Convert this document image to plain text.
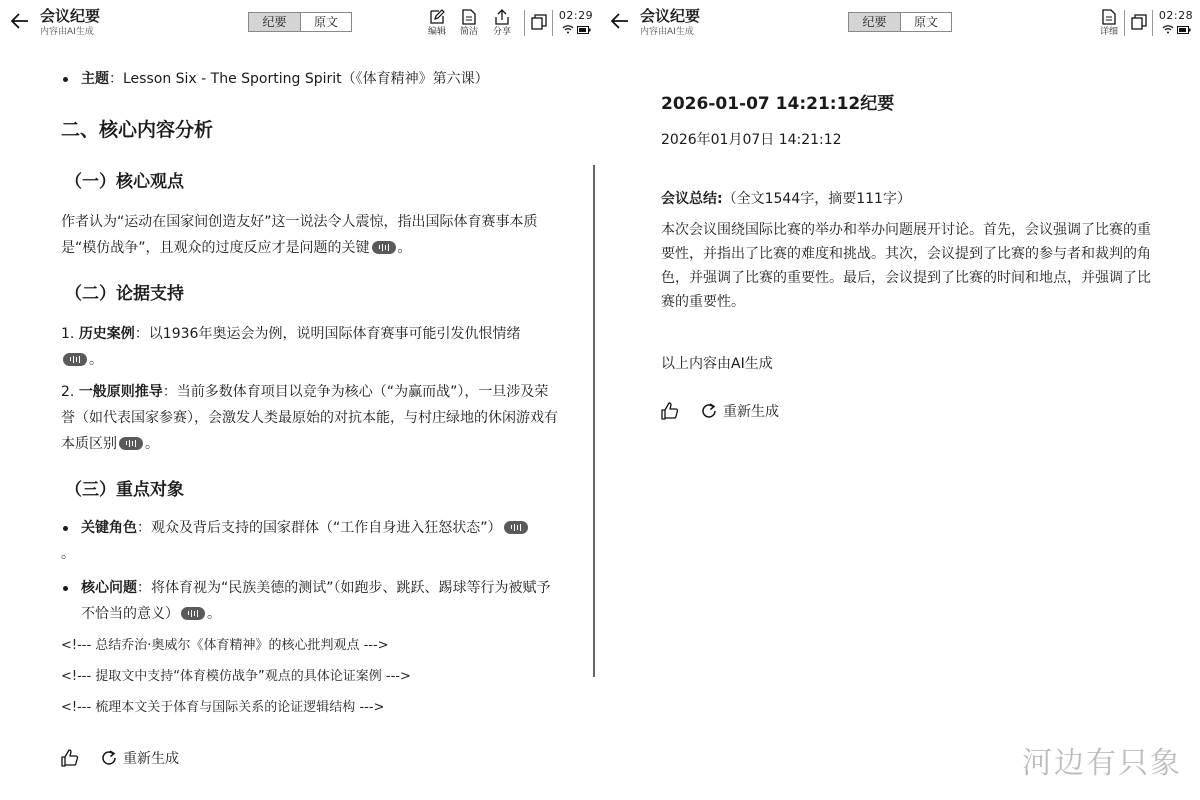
会议纪要
内容由AI生成
纪要	原文
编辑	简洁	分享
02:29
主题：Lesson Six - The Sporting Spirit（《体育精神》第六课）
二、核心内容分析
（一）核心观点
作者认为“运动在国家间创造友好”这一说法令人震惊，指出国际体育赛事本质是“模仿战争”，且观众的过度反应才是问题的关键 。
（二）论据支持
1. 历史案例：以1936年奥运会为例，说明国际体育赛事可能引发仇恨情绪

。
2. 一般原则推导：当前多数体育项目以竞争为核心（“为赢而战”），一旦涉及荣誉（如代表国家参赛），会激发人类最原始的对抗本能，与村庄绿地的休闲游戏有本质区别 。
（三）重点对象
关键角色：观众及背后支持的国家群体（“工作自身进入狂怒状态”）
。
核心问题：将体育视为“民族美德的测试”（如跑步、跳跃、踢球等行为被赋予不恰当的意义） 。
<!--- 总结乔治·奥威尔《体育精神》的核心批判观点 --->
<!--- 提取文中支持“体育模仿战争”观点的具体论证案例 --->
<!--- 梳理本文关于体育与国际关系的论证逻辑结构 --->
重新生成
会议纪要
内容由AI生成
纪要	原文
详细
02:28
2026-01-07 14:21:12纪要
2026年01月07日 14:21:12
会议总结:（全文1544字，摘要111字）
本次会议围绕国际比赛的举办和举办问题展开讨论。首先，会议强调了比赛的重要性，并指出了比赛的难度和挑战。其次，会议提到了比赛的参与者和裁判的角色，并强调了比赛的重要性。最后，会议提到了比赛的时间和地点，并强调了比赛的重要性。
以上内容由AI生成
重新生成
河边有只象
